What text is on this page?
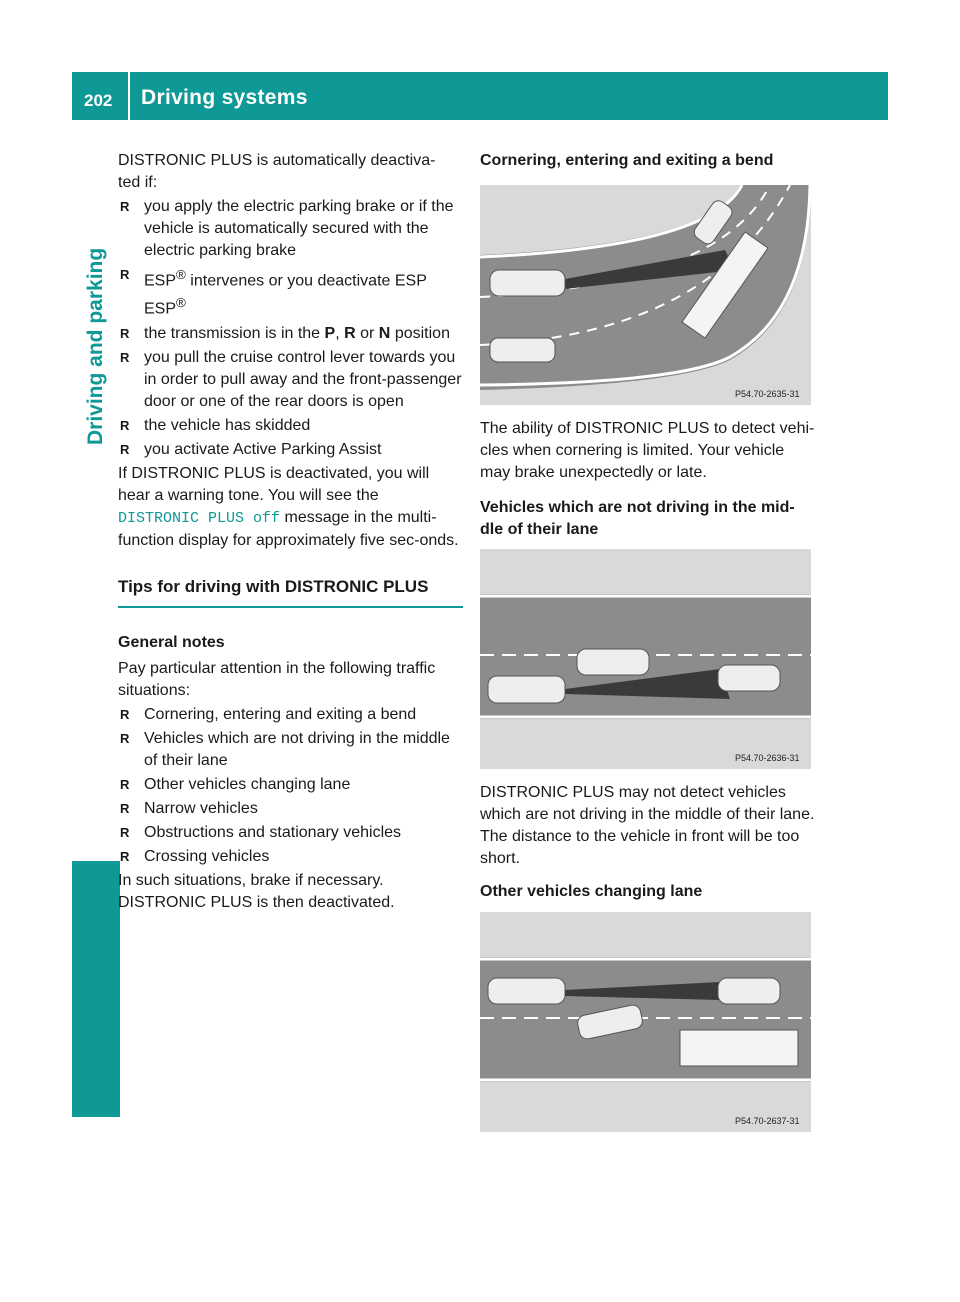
202 Driving systems
Driving and parking

DISTRONIC PLUS is automatically deactiva-

ted if:

R you apply the electric parking brake or if the vehicle is automatically secured with the electric parking brake
R ESP® intervenes or you deactivate ESP ESP®
R the transmission is in the P, R or N position
R you pull the cruise control lever towards you in order to pull away and the front-passenger door or one of the rear doors is open
R the vehicle has skidded
R you activate Active Parking Assist

If DISTRONIC PLUS is deactivated, you will hear a warning tone. You will see the DISTRONIC PLUS off message in the multi-function display for approximately five sec-onds.

Tips for driving with DISTRONIC PLUS
General notes

Pay particular attention in the following traffic situations:

R Cornering, entering and exiting a bend
R Vehicles which are not driving in the middle of their lane
R Other vehicles changing lane
R Narrow vehicles
R Obstructions and stationary vehicles
R Crossing vehicles

In such situations, brake if necessary. DISTRONIC PLUS is then deactivated.

Cornering, entering and exiting a bend
P54.70-2635-31
The ability of DISTRONIC PLUS to detect vehi-cles when cornering is limited. Your vehicle may brake unexpectedly or late.
Vehicles which are not driving in the mid-dle of their lane
P54.70-2636-31
DISTRONIC PLUS may not detect vehicles which are not driving in the middle of their lane. The distance to the vehicle in front will be too short.
Other vehicles changing lane
P54.70-2637-31
